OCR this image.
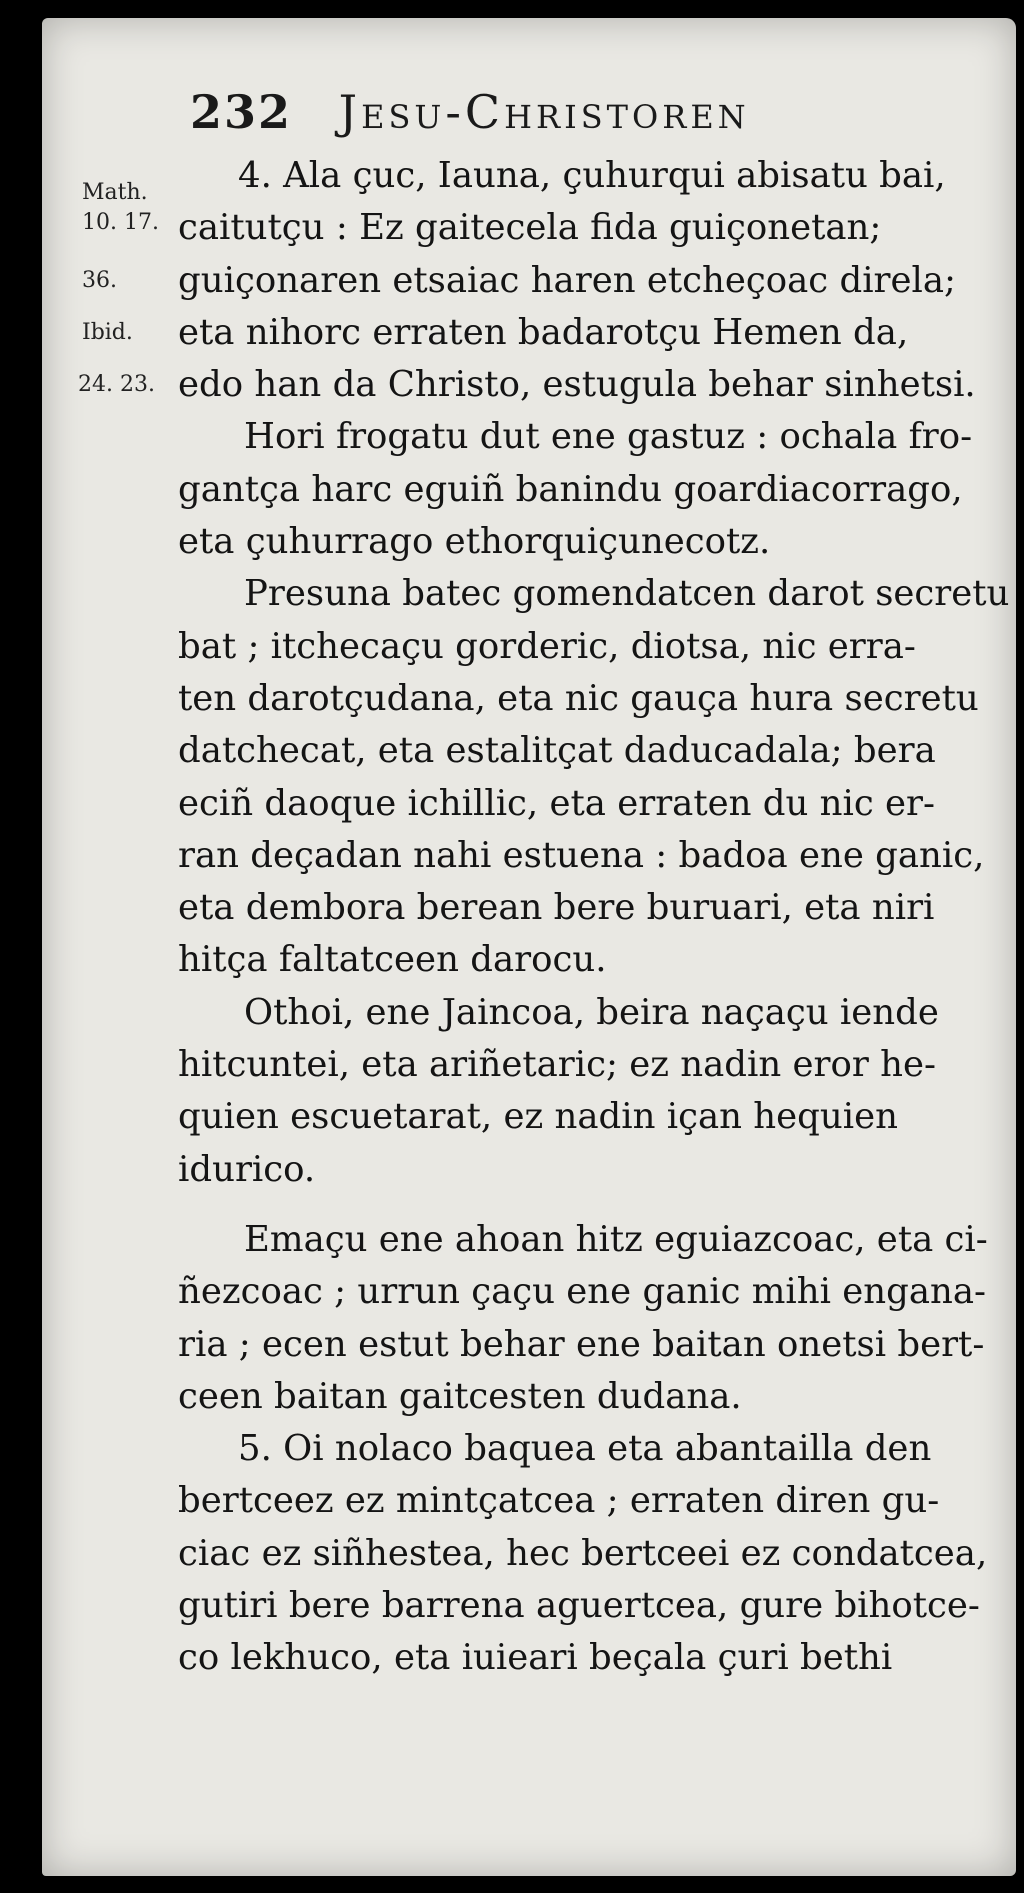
232 Jesu-Christoren
Math.
10. 17.
36.
Ibid.
24. 23.
4. Ala çuc, Iauna, çuhurqui abisatu bai,
caitutçu : Ez gaitecela fida guiçonetan;
guiçonaren etsaiac haren etcheçoac direla;
eta nihorc erraten badarotçu Hemen da,
edo han da Christo, estugula behar sinhetsi.
Hori frogatu dut ene gastuz : ochala fro-
gantça harc eguiñ banindu goardiacorrago,
eta çuhurrago ethorquiçunecotz.
Presuna batec gomendatcen darot secretu
bat ; itchecaçu gorderic, diotsa, nic erra-
ten darotçudana, eta nic gauça hura secretu
datchecat, eta estalitçat daducadala; bera
eciñ daoque ichillic, eta erraten du nic er-
ran deçadan nahi estuena : badoa ene ganic,
eta dembora berean bere buruari, eta niri
hitça faltatceen darocu.
Othoi, ene Jaincoa, beira naçaçu iende
hitcuntei, eta ariñetaric; ez nadin eror he-
quien escuetarat, ez nadin içan hequien
idurico.
Emaçu ene ahoan hitz eguiazcoac, eta ci-
ñezcoac ; urrun çaçu ene ganic mihi engana-
ria ; ecen estut behar ene baitan onetsi bert-
ceen baitan gaitcesten dudana.
5. Oi nolaco baquea eta abantailla den
bertceez ez mintçatcea ; erraten diren gu-
ciac ez siñhestea, hec bertceei ez condatcea,
gutiri bere barrena aguertcea, gure bihotce-
co lekhuco, eta iuieari beçala çuri bethi
